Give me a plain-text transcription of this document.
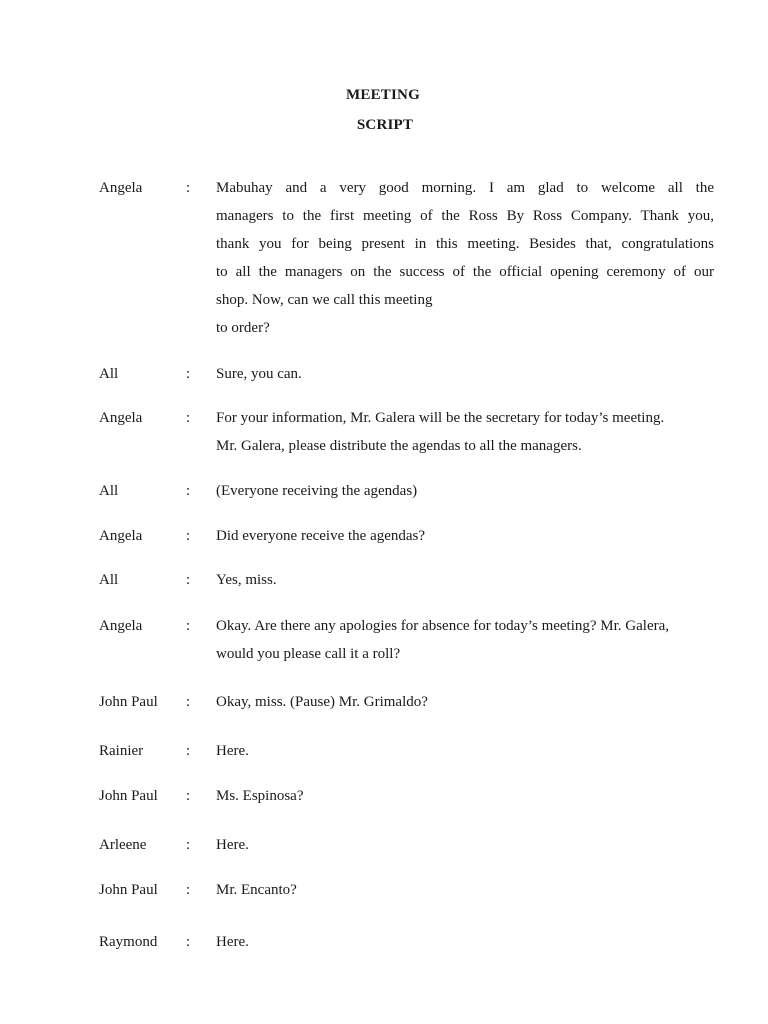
MEETING
SCRIPT
Angela	: Mabuhay and a very good morning. I am glad to welcome all the
managers to the first meeting of the Ross By Ross Company. Thank you,
thank you for being present in this meeting. Besides that, congratulations
to all the managers on the success of the official opening ceremony of our
shop. Now, can we call this meeting
to order?
All	: Sure, you can.
Angela	: For your information, Mr. Galera will be the secretary for today’s meeting.
Mr. Galera, please distribute the agendas to all the managers.
All	: (Everyone receiving the agendas)
Angela	: Did everyone receive the agendas?
All	: Yes, miss.
Angela	: Okay. Are there any apologies for absence for today’s meeting? Mr. Galera,
would you please call it a roll?
John Paul : Okay, miss. (Pause) Mr. Grimaldo?
Rainier	: Here.
John Paul : Ms. Espinosa?
Arleene	: Here.
John Paul : Mr. Encanto?
Raymond : Here.
